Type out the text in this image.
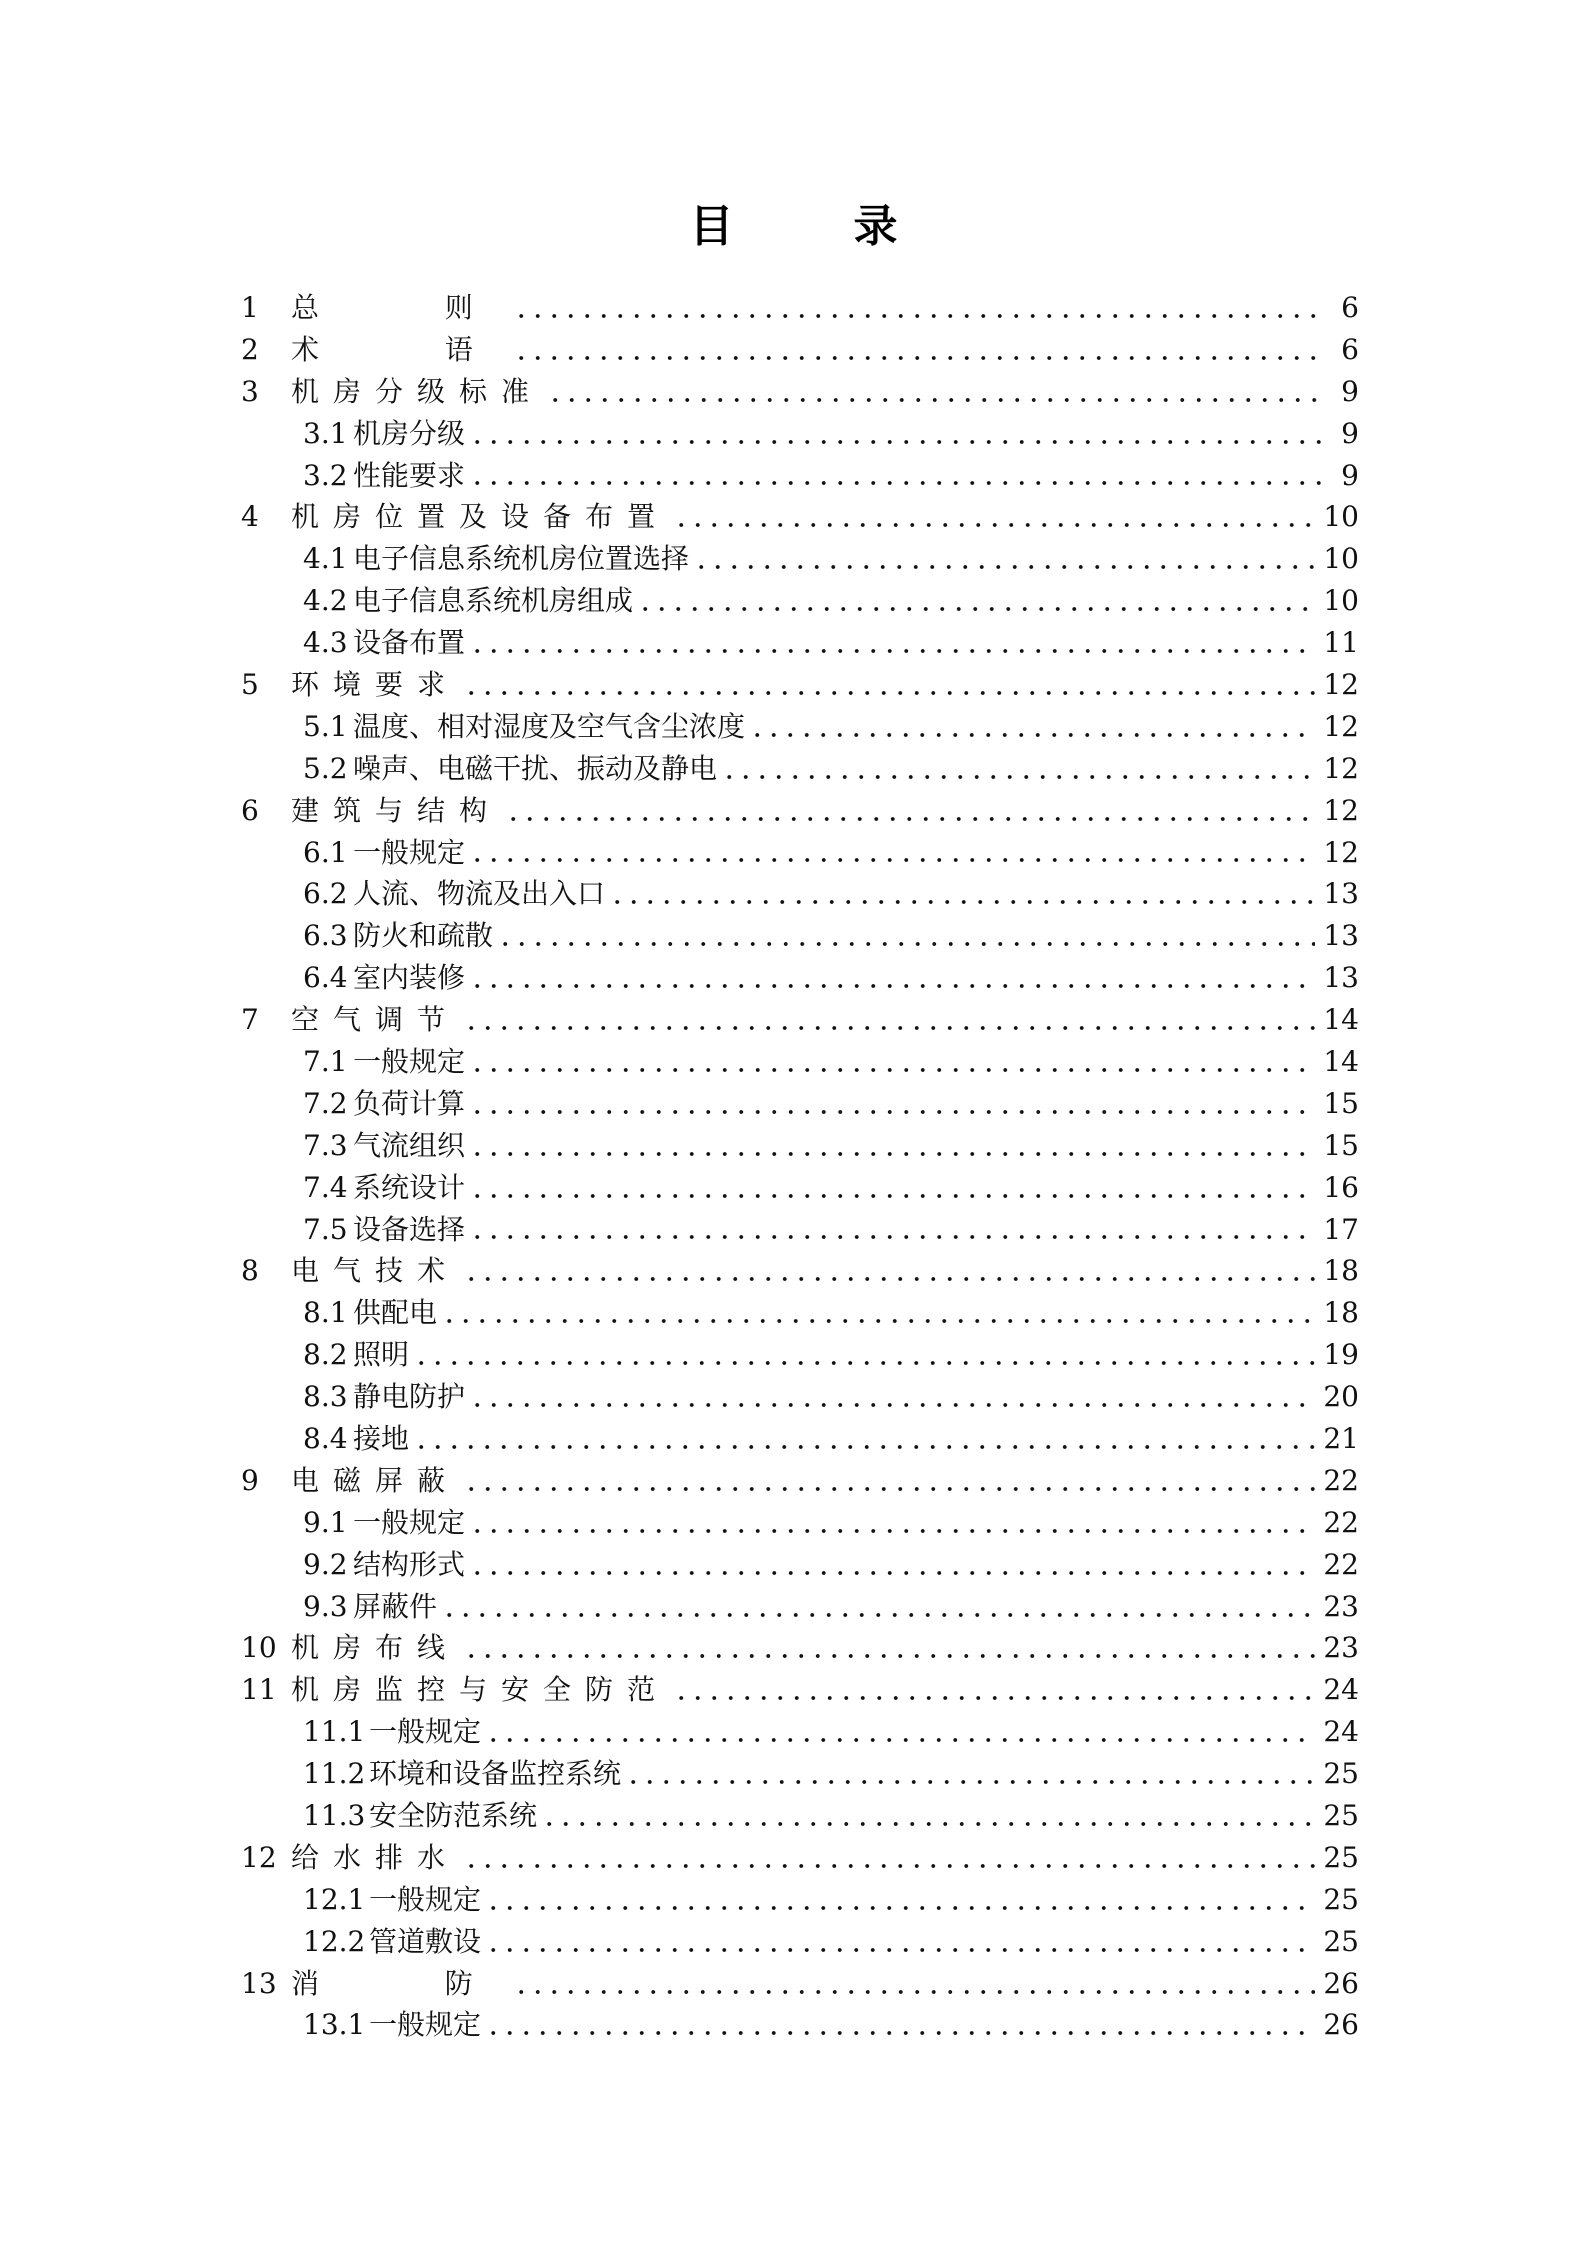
目录
1 总  则	6
2 术  语	6
3 机房分级标准	9
3.1 机房分级	9
3.2 性能要求	9
4 机房位置及设备布置	10
4.1 电子信息系统机房位置选择	10
4.2 电子信息系统机房组成	10
4.3 设备布置	11
5 环境要求	12
5.1 温度、相对湿度及空气含尘浓度	12
5.2 噪声、电磁干扰、振动及静电	12
6 建筑与结构	12
6.1 一般规定	12
6.2 人流、物流及出入口	13
6.3 防火和疏散	13
6.4 室内装修	13
7 空气调节	14
7.1 一般规定	14
7.2 负荷计算	15
7.3 气流组织	15
7.4 系统设计	16
7.5 设备选择	17
8 电气技术	18
8.1 供配电	18
8.2 照明	19
8.3 静电防护	20
8.4 接地	21
9 电磁屏蔽	22
9.1 一般规定	22
9.2 结构形式	22
9.3 屏蔽件	23
10 机房布线	23
11 机房监控与安全防范	24
11.1 一般规定	24
11.2 环境和设备监控系统	25
11.3 安全防范系统	25
12 给水排水	25
12.1 一般规定	25
12.2 管道敷设	25
13 消  防	26
13.1 一般规定	26
